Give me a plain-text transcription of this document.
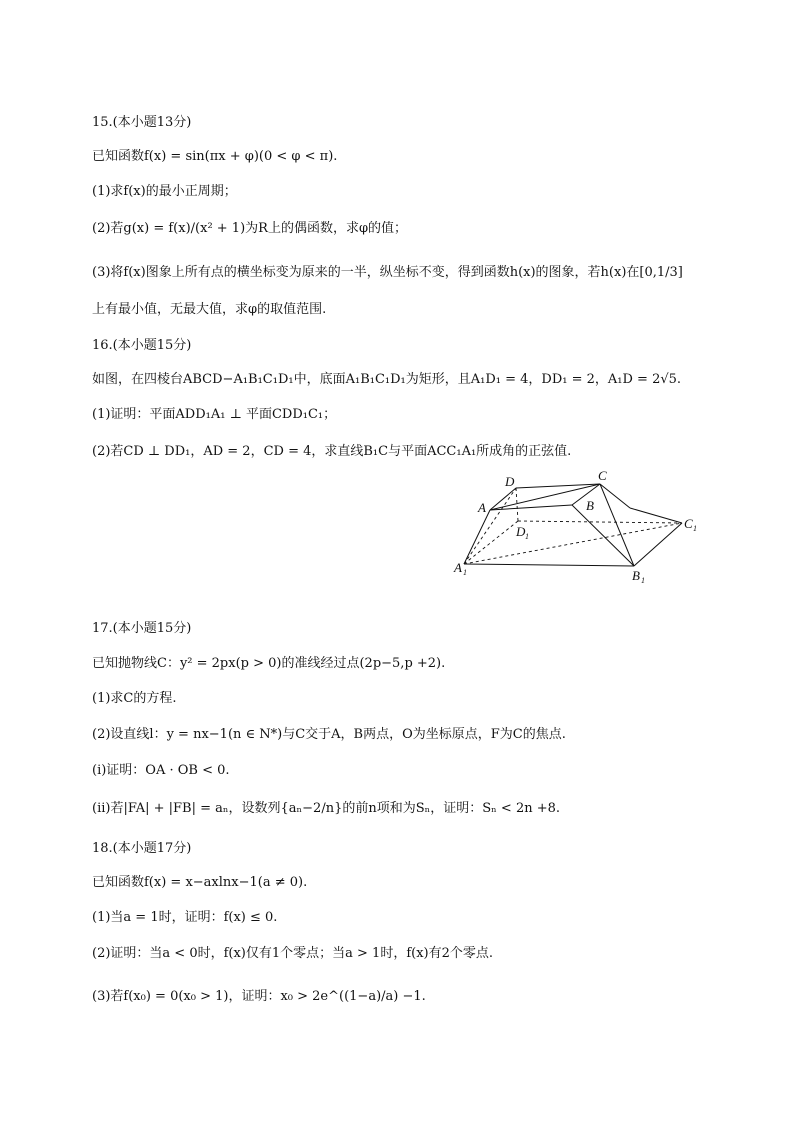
15.(本小题13分)
已知函数f(x) = sin(πx + φ)(0 < φ < π).
(1)求f(x)的最小正周期；
(2)若g(x) = f(x)/(x² + 1)为R上的偶函数，求φ的值；
(3)将f(x)图象上所有点的横坐标变为原来的一半，纵坐标不变，得到函数h(x)的图象，若h(x)在[0,1/3]
上有最小值，无最大值，求φ的取值范围.
16.(本小题15分)
如图，在四棱台ABCD−A₁B₁C₁D₁中，底面A₁B₁C₁D₁为矩形，且A₁D₁ = 4，DD₁ = 2，A₁D = 2√5.
(1)证明：平面ADD₁A₁ ⊥ 平面CDD₁C₁；
(2)若CD ⊥ DD₁，AD = 2，CD = 4，求直线B₁C与平面ACC₁A₁所成角的正弦值.
D	C
A	B
D 1
C 1
A 1	B 1
17.(本小题15分)
已知抛物线C：y² = 2px(p > 0)的准线经过点(2p−5,p +2).
(1)求C的方程.
(2)设直线l：y = nx−1(n ∈ N*)与C交于A，B两点，O为坐标原点，F为C的焦点.
(i)证明：OA · OB < 0.
(ii)若|FA| + |FB| = aₙ，设数列{aₙ−2/n}的前n项和为Sₙ，证明：Sₙ < 2n +8.
18.(本小题17分)
已知函数f(x) = x−axlnx−1(a ≠ 0).
(1)当a = 1时，证明：f(x) ≤ 0.
(2)证明：当a < 0时，f(x)仅有1个零点；当a > 1时，f(x)有2个零点.
(3)若f(x₀) = 0(x₀ > 1)，证明：x₀ > 2e^((1−a)/a) −1.
